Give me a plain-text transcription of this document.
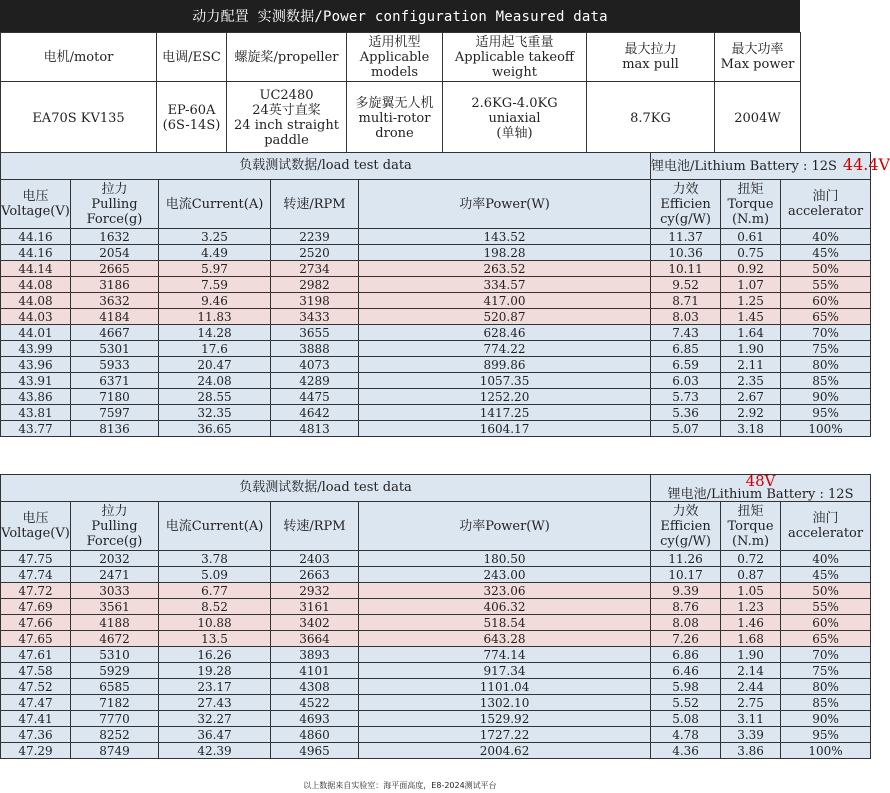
动力配置 实测数据/Power configuration Measured data
电机/motor	电调/ESC	螺旋桨/propeller	适用机型
Applicable
models	适用起飞重量
Applicable takeoff
weight	最大拉力
max pull	最大功率
Max power
EA70S KV135	EP-60A
(6S-14S)	UC2480
24英寸直桨
24 inch straight
paddle	多旋翼无人机
multi-rotor
drone	2.6KG-4.0KG
uniaxial
(单轴)	8.7KG	2004W
负载测试数据/load test data					锂电池/Lithium Battery : 12S 44.4V		
电压
Voltage(V)	拉力
Pulling
Force(g)	电流Current(A)	转速/RPM	功率Power(W)	力效
Efficien
cy(g/W)	扭矩
Torque
(N.m)	油门
accelerator
44.16	1632	3.25	2239	143.52	11.37	0.61	40%
44.16	2054	4.49	2520	198.28	10.36	0.75	45%
44.14	2665	5.97	2734	263.52	10.11	0.92	50%
44.08	3186	7.59	2982	334.57	9.52	1.07	55%
44.08	3632	9.46	3198	417.00	8.71	1.25	60%
44.03	4184	11.83	3433	520.87	8.03	1.45	65%
44.01	4667	14.28	3655	628.46	7.43	1.64	70%
43.99	5301	17.6	3888	774.22	6.85	1.90	75%
43.96	5933	20.47	4073	899.86	6.59	2.11	80%
43.91	6371	24.08	4289	1057.35	6.03	2.35	85%
43.86	7180	28.55	4475	1252.20	5.73	2.67	90%
43.81	7597	32.35	4642	1417.25	5.36	2.92	95%
43.77	8136	36.65	4813	1604.17	5.07	3.18	100%
负载测试数据/load test data					48V
锂电池/Lithium Battery : 12S		
电压
Voltage(V)	拉力
Pulling
Force(g)	电流Current(A)	转速/RPM	功率Power(W)	力效
Efficien
cy(g/W)	扭矩
Torque
(N.m)	油门
accelerator
47.75	2032	3.78	2403	180.50	11.26	0.72	40%
47.74	2471	5.09	2663	243.00	10.17	0.87	45%
47.72	3033	6.77	2932	323.06	9.39	1.05	50%
47.69	3561	8.52	3161	406.32	8.76	1.23	55%
47.66	4188	10.88	3402	518.54	8.08	1.46	60%
47.65	4672	13.5	3664	643.28	7.26	1.68	65%
47.61	5310	16.26	3893	774.14	6.86	1.90	70%
47.58	5929	19.28	4101	917.34	6.46	2.14	75%
47.52	6585	23.17	4308	1101.04	5.98	2.44	80%
47.47	7182	27.43	4522	1302.10	5.52	2.75	85%
47.41	7770	32.27	4693	1529.92	5.08	3.11	90%
47.36	8252	36.47	4860	1727.22	4.78	3.39	95%
47.29	8749	42.39	4965	2004.62	4.36	3.86	100%
以上数据来自实验室：海平面高度，E8-2024测试平台
